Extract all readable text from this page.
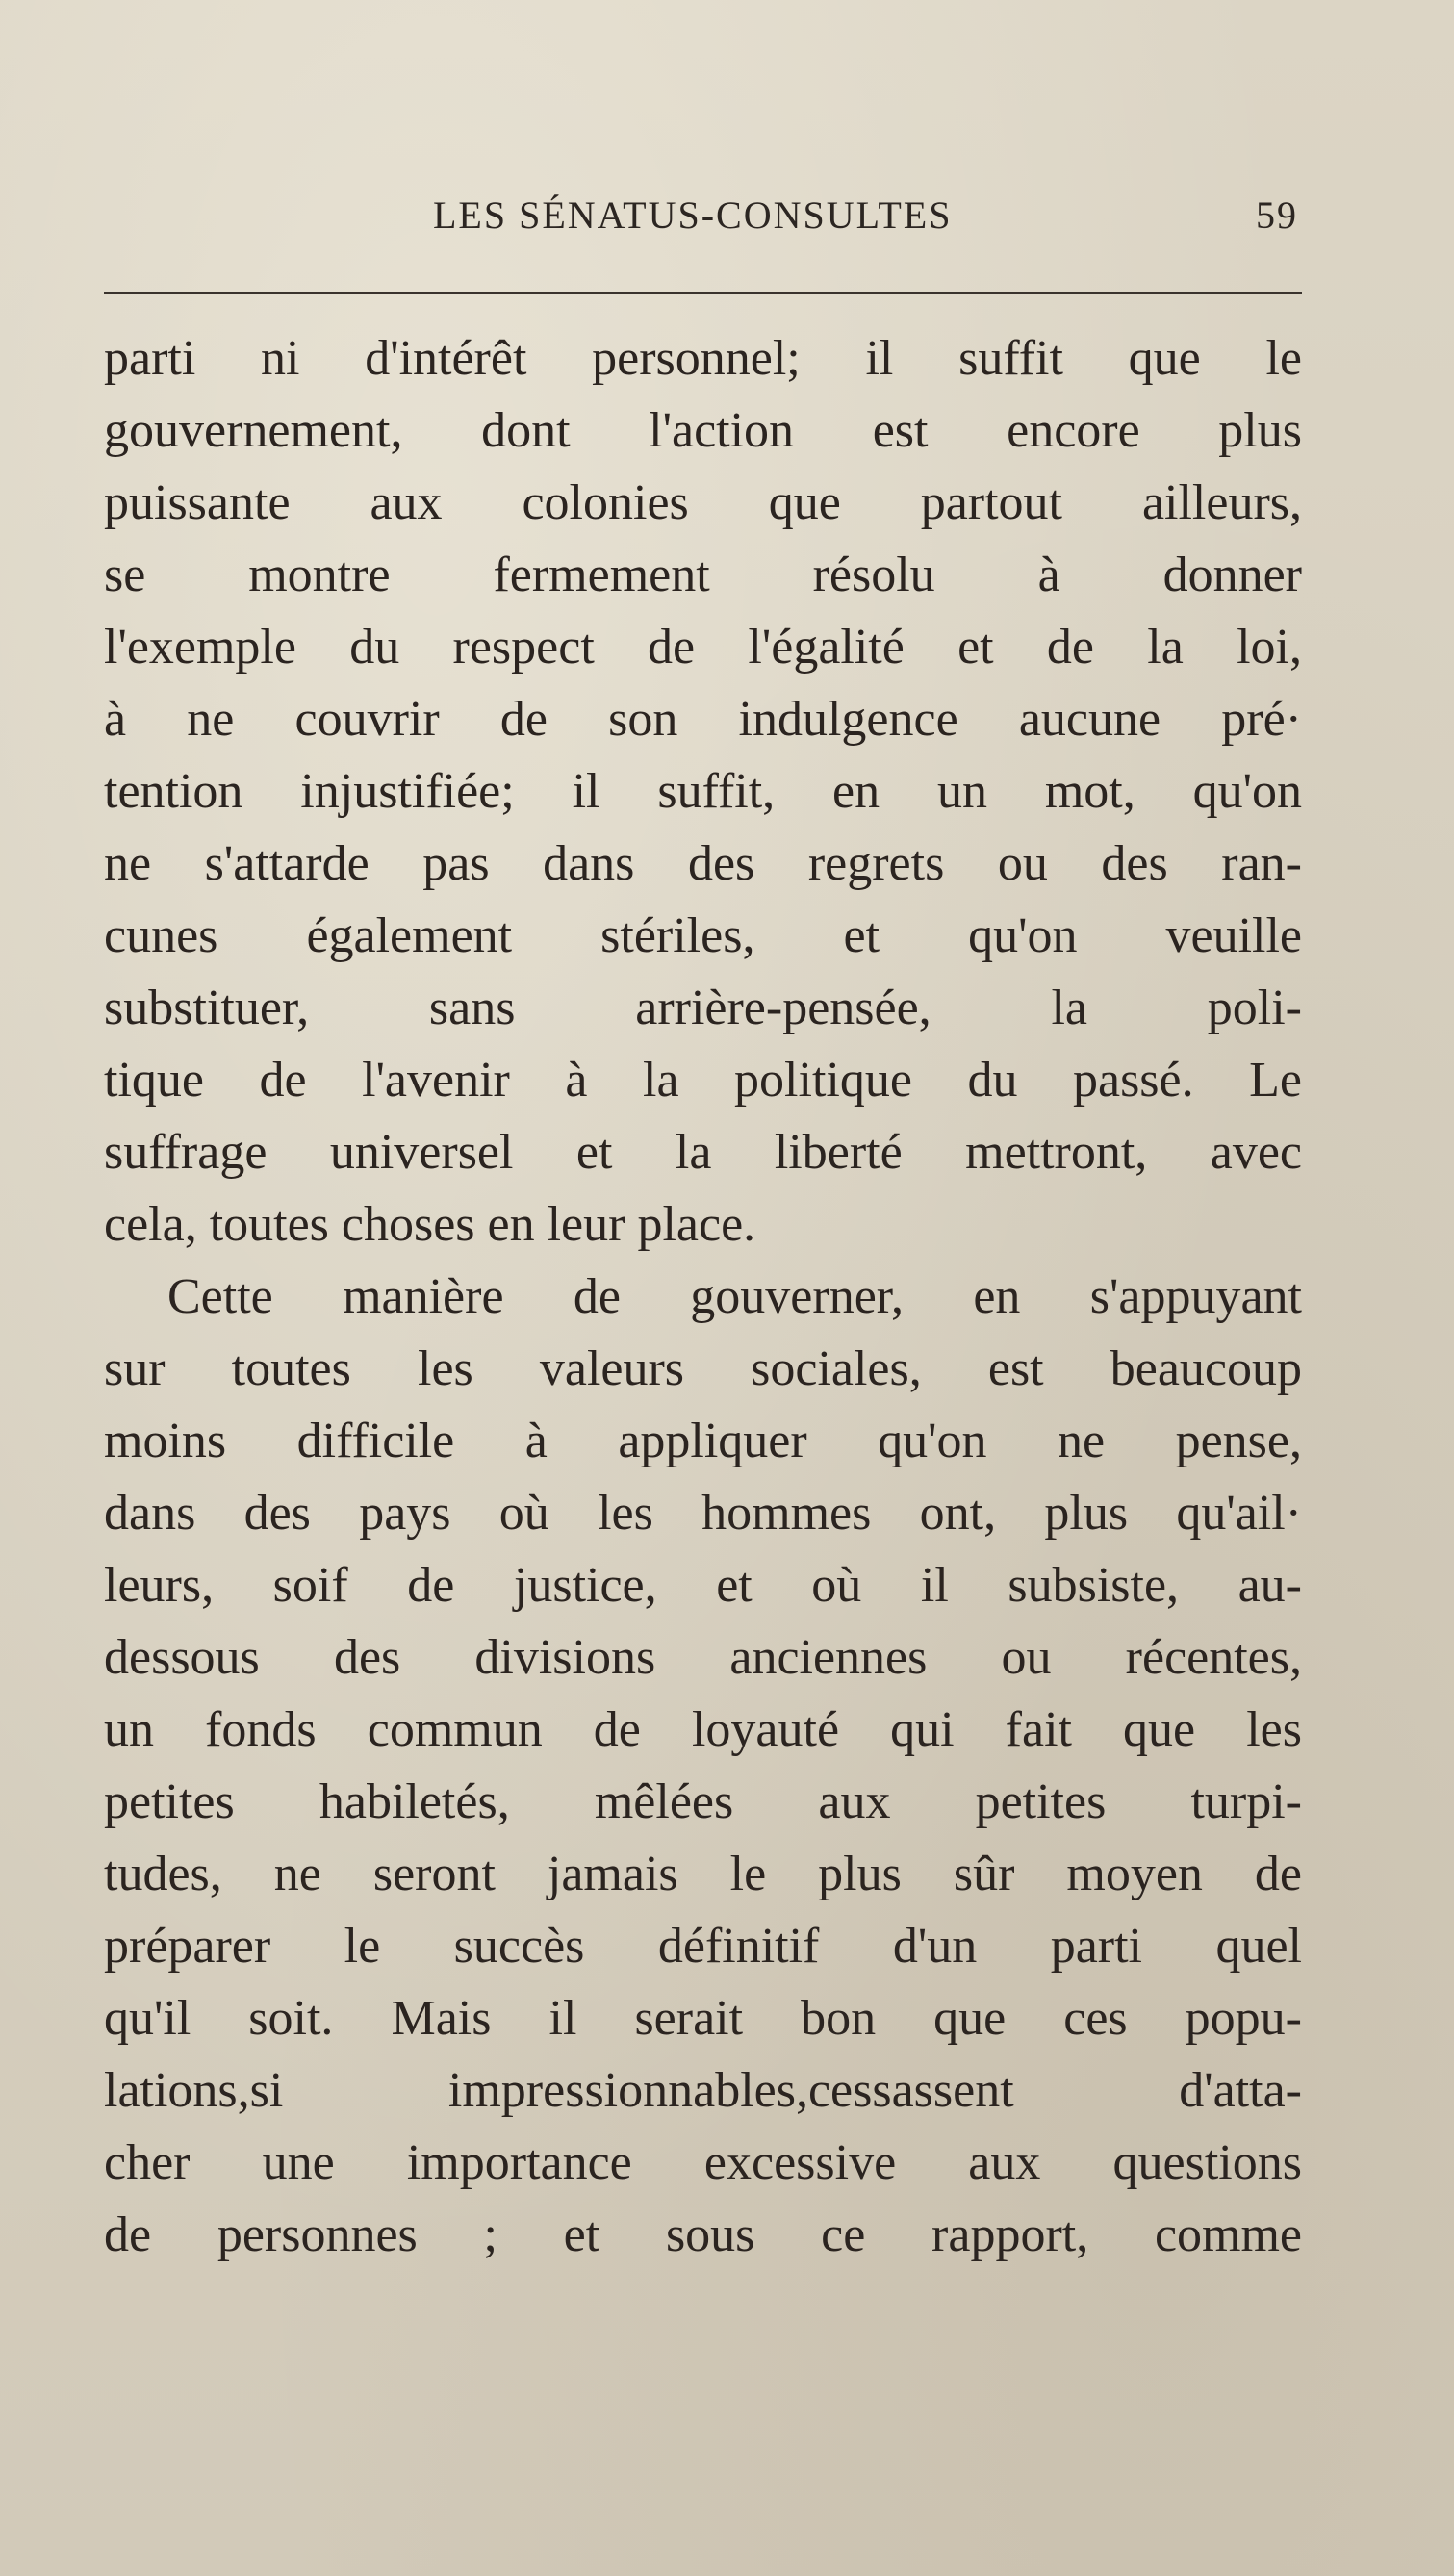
LES SÉNATUS-CONSULTES	59
parti ni d'intérêt personnel; il suffit que le
gouvernement, dont l'action est encore plus
puissante aux colonies que partout ailleurs,
se montre fermement résolu à donner
l'exemple du respect de l'égalité et de la loi,
à ne couvrir de son indulgence aucune pré·
tention injustifiée; il suffit, en un mot, qu'on
ne s'attarde pas dans des regrets ou des ran-
cunes également stériles, et qu'on veuille
substituer, sans arrière-pensée, la poli-
tique de l'avenir à la politique du passé. Le
suffrage universel et la liberté mettront, avec
cela, toutes choses en leur place.
Cette manière de gouverner, en s'appuyant
sur toutes les valeurs sociales, est beaucoup
moins difficile à appliquer qu'on ne pense,
dans des pays où les hommes ont, plus qu'ail·
leurs, soif de justice, et où il subsiste, au-
dessous des divisions anciennes ou récentes,
un fonds commun de loyauté qui fait que les
petites habiletés, mêlées aux petites turpi-
tudes, ne seront jamais le plus sûr moyen de
préparer le succès définitif d'un parti quel
qu'il soit. Mais il serait bon que ces popu-
lations,si impressionnables,cessassent d'atta-
cher une importance excessive aux questions
de personnes ; et sous ce rapport, comme
